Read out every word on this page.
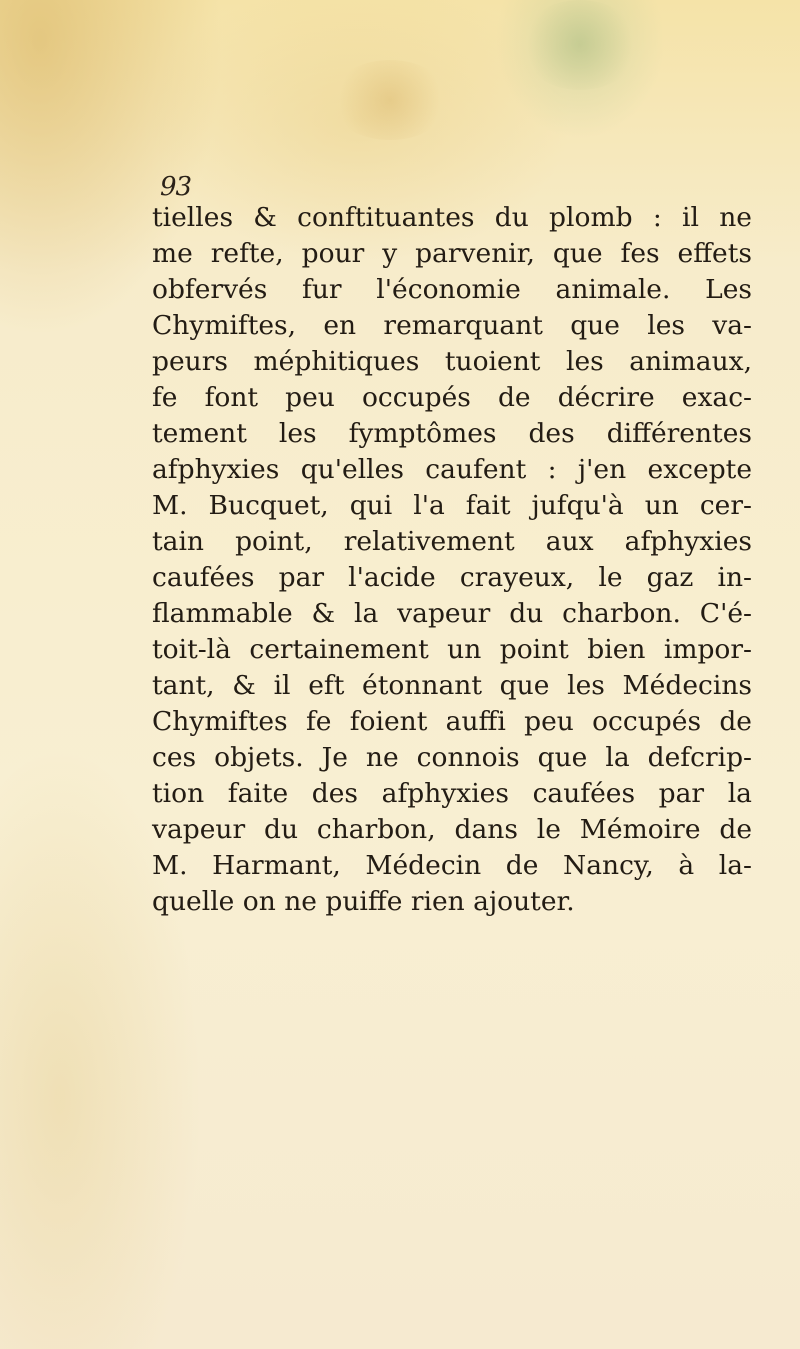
93
tielles & conftituantes du plomb : il ne
me refte, pour y parvenir, que fes effets
obfervés fur l'économie animale. Les
Chymiftes, en remarquant que les va-
peurs méphitiques tuoient les animaux,
fe font peu occupés de décrire exac-
tement les fymptômes des différentes
afphyxies qu'elles caufent : j'en excepte
M. Bucquet, qui l'a fait jufqu'à un cer-
tain point, relativement aux afphyxies
caufées par l'acide crayeux, le gaz in-
flammable & la vapeur du charbon. C'é-
toit-là certainement un point bien impor-
tant, & il eft étonnant que les Médecins
Chymiftes fe foient auffi peu occupés de
ces objets. Je ne connois que la defcrip-
tion faite des afphyxies caufées par la
vapeur du charbon, dans le Mémoire de
M. Harmant, Médecin de Nancy, à la-
quelle on ne puiffe rien ajouter.
